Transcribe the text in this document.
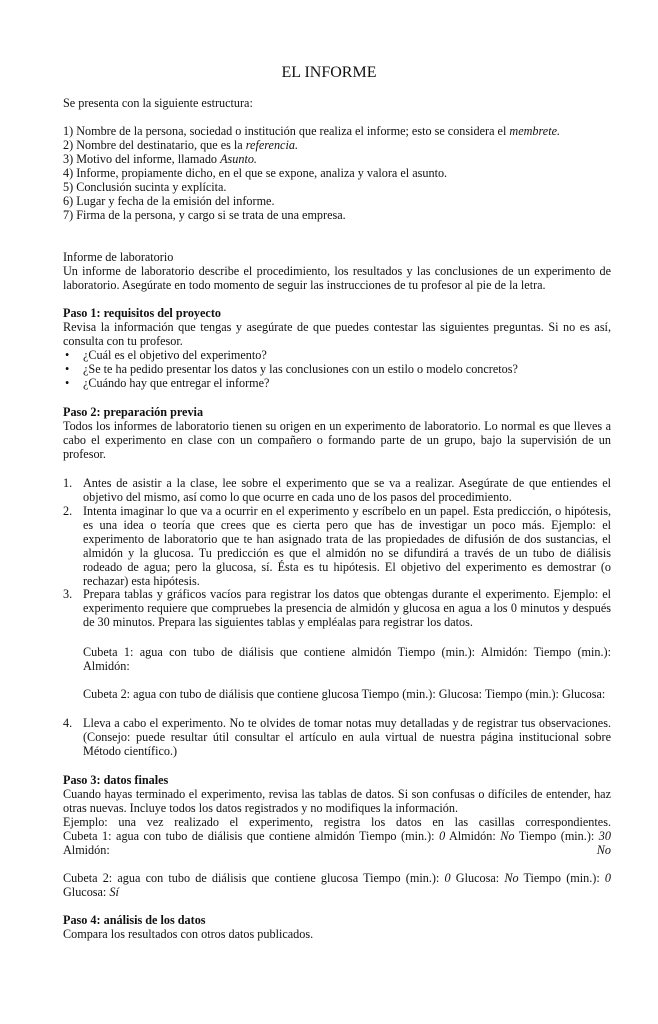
EL INFORME
Se presenta con la siguiente estructura:

1) Nombre de la persona, sociedad o institución que realiza el informe; esto se considera el membrete.

2) Nombre del destinatario, que es la referencia.

3) Motivo del informe, llamado Asunto.

4) Informe, propiamente dicho, en el que se expone, analiza y valora el asunto.

5) Conclusión sucinta y explícita.

6) Lugar y fecha de la emisión del informe.

7) Firma de la persona, y cargo si se trata de una empresa.

Informe de laboratorio

Un informe de laboratorio describe el procedimiento, los resultados y las conclusiones de un experimento de laboratorio. Asegúrate en todo momento de seguir las instrucciones de tu profesor al pie de la letra.

Paso 1: requisitos del proyecto

Revisa la información que tengas y asegúrate de que puedes contestar las siguientes preguntas. Si no es así, consulta con tu profesor.

• ¿Cuál es el objetivo del experimento?
• ¿Se te ha pedido presentar los datos y las conclusiones con un estilo o modelo concretos?
• ¿Cuándo hay que entregar el informe?

Paso 2: preparación previa

Todos los informes de laboratorio tienen su origen en un experimento de laboratorio. Lo normal es que lleves a cabo el experimento en clase con un compañero o formando parte de un grupo, bajo la supervisión de un profesor.

1. Antes de asistir a la clase, lee sobre el experimento que se va a realizar. Asegúrate de que entiendes el objetivo del mismo, así como lo que ocurre en cada uno de los pasos del procedimiento.
2. Intenta imaginar lo que va a ocurrir en el experimento y escríbelo en un papel. Esta predicción, o hipótesis, es una idea o teoría que crees que es cierta pero que has de investigar un poco más. Ejemplo: el experimento de laboratorio que te han asignado trata de las propiedades de difusión de dos sustancias, el almidón y la glucosa. Tu predicción es que el almidón no se difundirá a través de un tubo de diálisis rodeado de agua; pero la glucosa, sí. Ésta es tu hipótesis. El objetivo del experimento es demostrar (o rechazar) esta hipótesis.
3. Prepara tablas y gráficos vacíos para registrar los datos que obtengas durante el experimento. Ejemplo: el experimento requiere que compruebes la presencia de almidón y glucosa en agua a los 0 minutos y después de 30 minutos. Prepara las siguientes tablas y empléalas para registrar los datos.

Cubeta 1: agua con tubo de diálisis que contiene almidón Tiempo (min.): Almidón: Tiempo (min.): Almidón:

Cubeta 2: agua con tubo de diálisis que contiene glucosa Tiempo (min.): Glucosa: Tiempo (min.): Glucosa:

4. Lleva a cabo el experimento. No te olvides de tomar notas muy detalladas y de registrar tus observaciones. (Consejo: puede resultar útil consultar el artículo en aula virtual de nuestra página institucional sobre Método científico.)

Paso 3: datos finales

Cuando hayas terminado el experimento, revisa las tablas de datos. Si son confusas o difíciles de entender, haz otras nuevas. Incluye todos los datos registrados y no modifiques la información.

Ejemplo: una vez realizado el experimento, registra los datos en las casillas correspondientes.

Cubeta 1: agua con tubo de diálisis que contiene almidón Tiempo (min.): 0 Almidón: No Tiempo (min.): 30

Almidón:	No

Cubeta 2: agua con tubo de diálisis que contiene glucosa Tiempo (min.): 0 Glucosa: No Tiempo (min.): 0

Glucosa: Sí

Paso 4: análisis de los datos

Compara los resultados con otros datos publicados.
